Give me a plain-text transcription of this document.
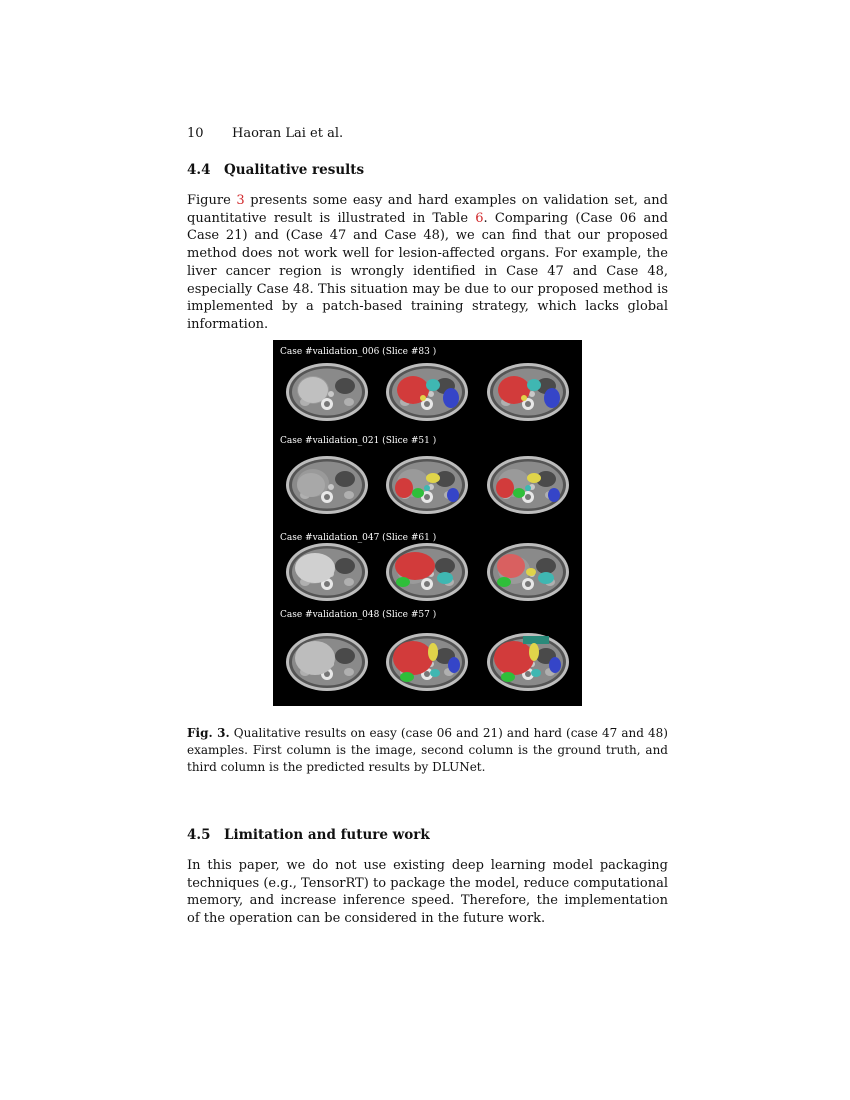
10 Haoran Lai et al.
4.4 Qualitative results
Figure 3 presents some easy and hard examples on validation set, and quantitative result is illustrated in Table 6. Comparing (Case 06 and Case 21) and (Case 47 and Case 48), we can find that our proposed method does not work well for lesion-affected organs. For example, the liver cancer region is wrongly identified in Case 47 and Case 48, especially Case 48. This situation may be due to our proposed method is implemented by a patch-based training strategy, which lacks global information.
Case #validation_006 (Slice #83 )
Case #validation_021 (Slice #51 )
Case #validation_047 (Slice #61 )
Case #validation_048 (Slice #57 )
Fig. 3. Qualitative results on easy (case 06 and 21) and hard (case 47 and 48) examples. First column is the image, second column is the ground truth, and third column is the predicted results by DLUNet.
4.5 Limitation and future work
In this paper, we do not use existing deep learning model packaging techniques (e.g., TensorRT) to package the model, reduce computational memory, and increase inference speed. Therefore, the implementation of the operation can be considered in the future work.
